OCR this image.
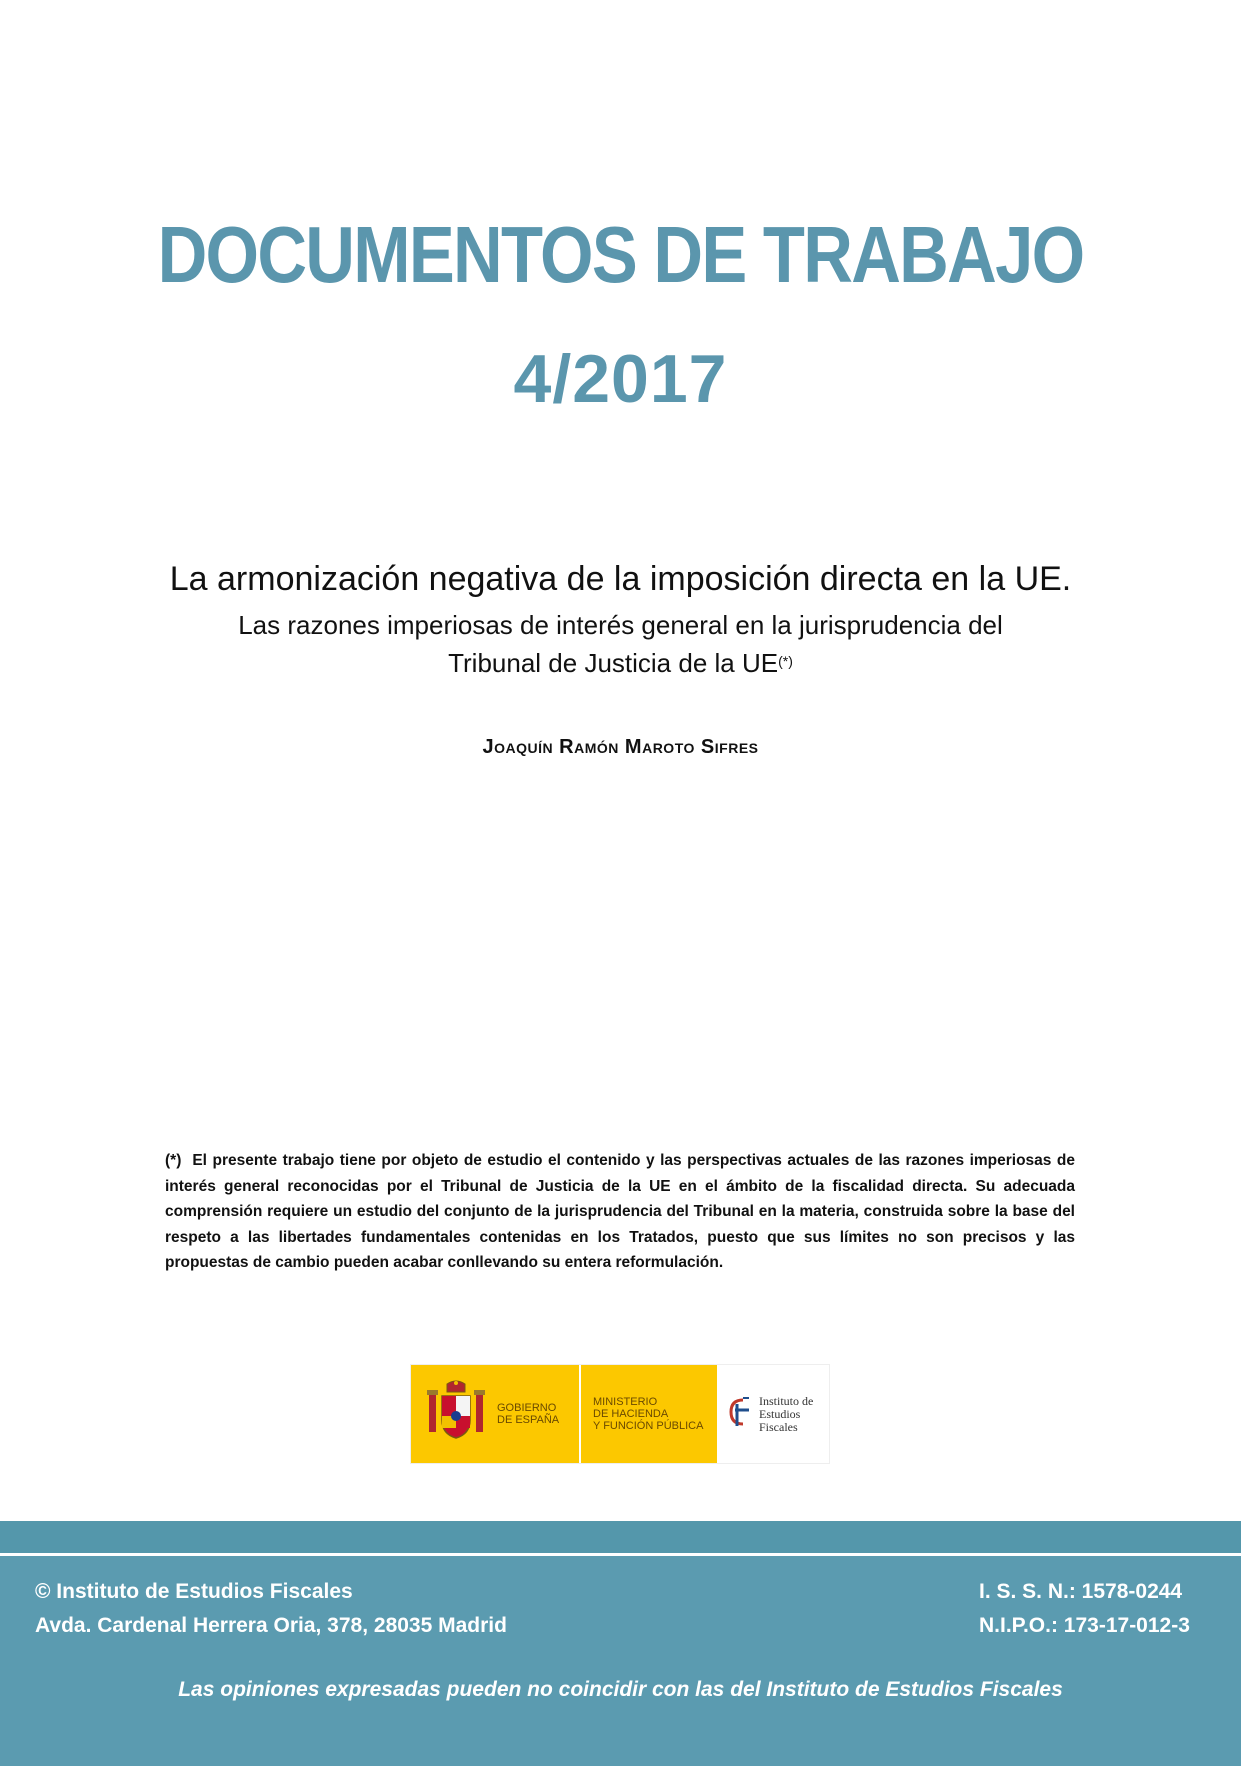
DOCUMENTOS DE TRABAJO
4/2017
La armonización negativa de la imposición directa en la UE.
Las razones imperiosas de interés general en la jurisprudencia del
Tribunal de Justicia de la UE(*)
Joaquín Ramón Maroto Sifres
(*) El presente trabajo tiene por objeto de estudio el contenido y las perspectivas actuales de las razones imperiosas de interés general reconocidas por el Tribunal de Justicia de la UE en el ámbito de la fiscalidad directa. Su adecuada comprensión requiere un estudio del conjunto de la jurisprudencia del Tribunal en la materia, construida sobre la base del respeto a las libertades fundamentales contenidas en los Tratados, puesto que sus límites no son precisos y las propuestas de cambio pueden acabar conllevando su entera reformulación.
GOBIERNO
DE ESPAÑA
MINISTERIO
DE HACIENDA
Y FUNCIÓN PÚBLICA
Instituto de
Estudios Fiscales
© Instituto de Estudios Fiscales
Avda. Cardenal Herrera Oria, 378, 28035 Madrid
I. S. S. N.: 1578-0244
N.I.P.O.: 173-17-012-3
Las opiniones expresadas pueden no coincidir con las del Instituto de Estudios Fiscales
